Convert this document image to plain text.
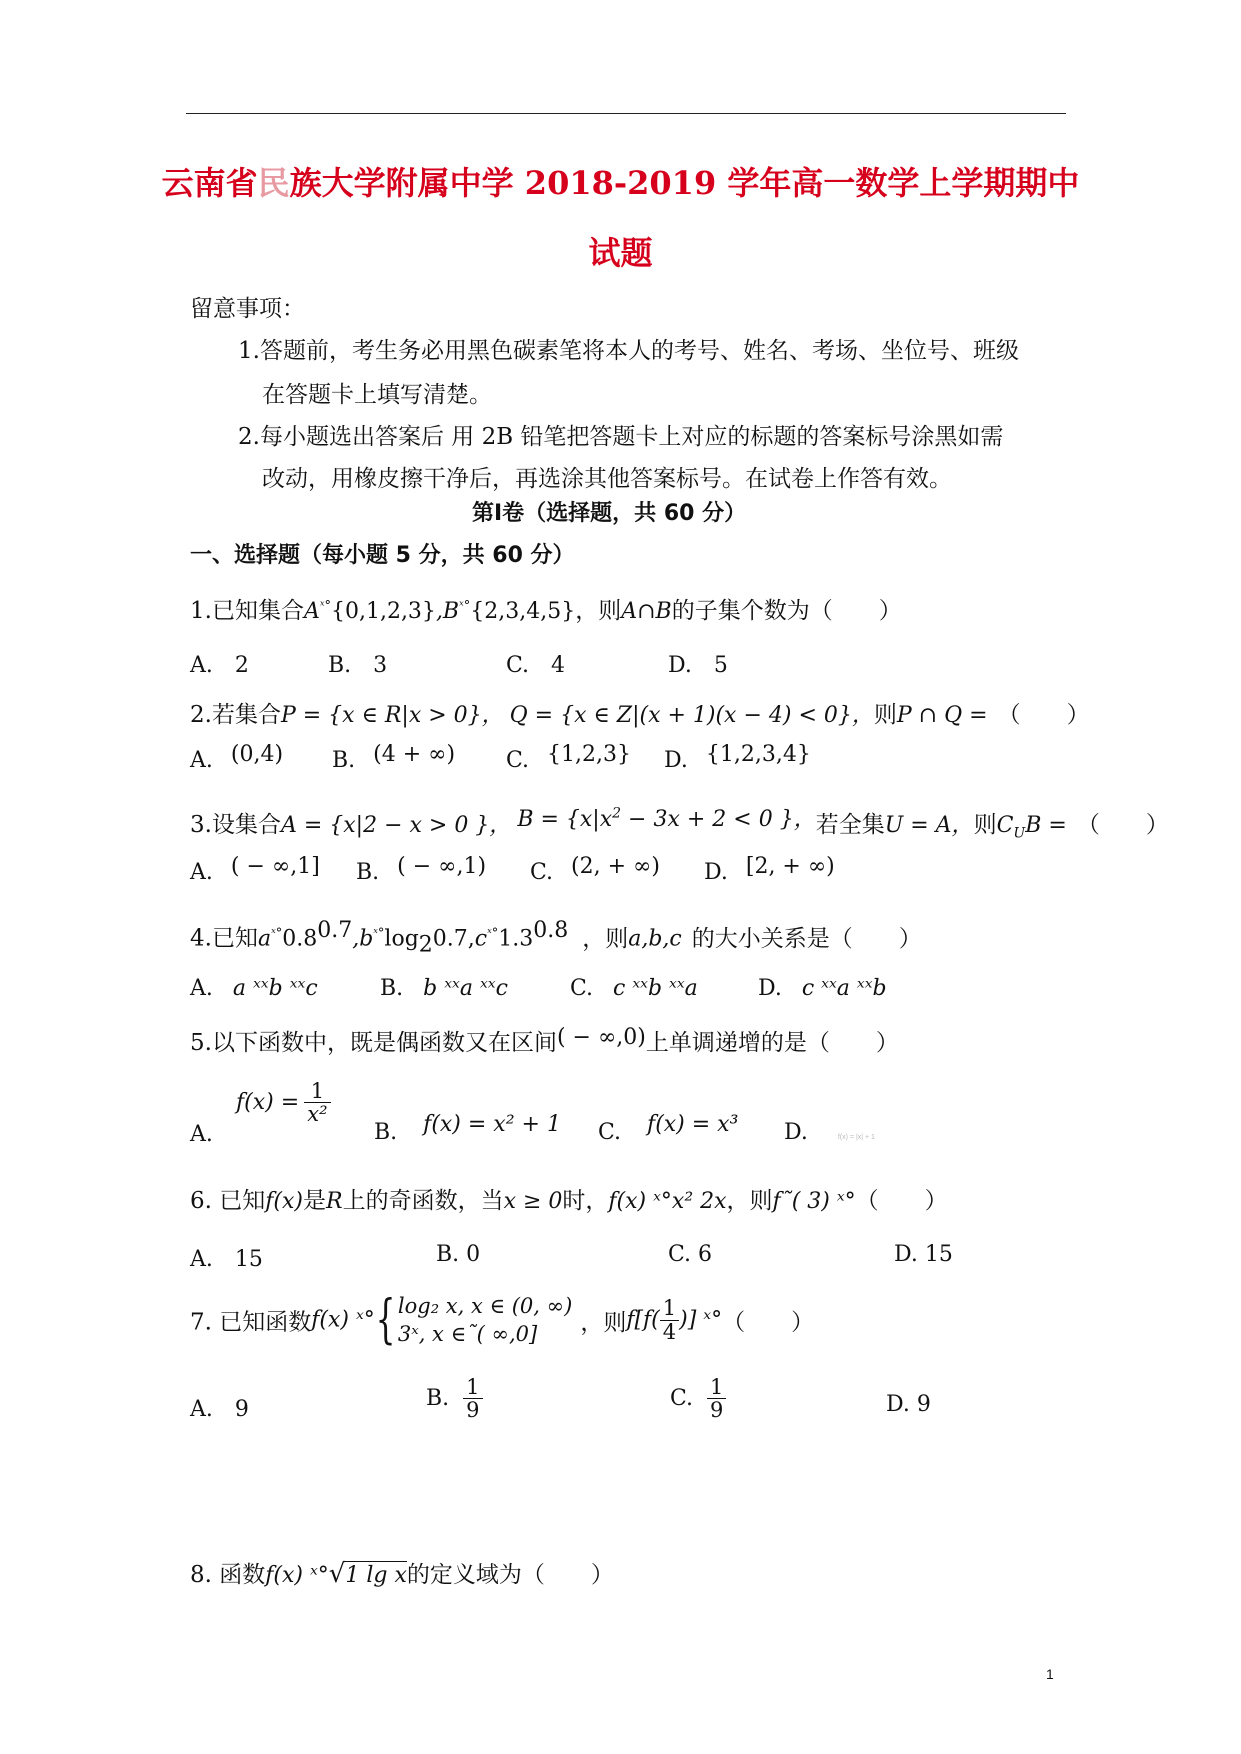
云南省民族大学附属中学 2018-2019 学年高一数学上学期期中
试题
留意事项：
1.答题前，考生务必用黑色碳素笔将本人的考号、姓名、考场、坐位号、班级
在答题卡上填写清楚。
2.每小题选出答案后 用 2B 铅笔把答题卡上对应的标题的答案标号涂黑如需
改动，用橡皮擦干净后，再选涂其他答案标号。在试卷上作答有效。
第Ⅰ卷（选择题，共 60 分）
一、选择题（每小题 5 分，共 60 分）
1.已知集合$A^{ˣ^\circ}\{0,1,2,3\},B^{ˣ^\circ}\{2,3,4,5\}$，则A∩B的子集个数为（　　）
A.　2	B.　3	C.　4	D.　5
2.若集合P = {x ∈ R|x > 0}， Q = {x ∈ Z|(x + 1)(x − 4) < 0}，则P ∩ Q = （　　）
A. (0,4) B. (4 + ∞) C. {1,2,3} D. {1,2,3,4}
3.设集合A = {x|2 − x > 0 }， $B = \{x|x^2 - 3x + 2 < 0$ }，若全集U = A，则$C_UB$ = （　　）
A. ( − ∞,1] B. ( − ∞,1) C. (2, + ∞) D. [2, + ∞)
4.已知$a^{ˣ^\circ}0.8^{0.7},b^{ˣ^\circ}\log_20.7,c^{ˣ^\circ}1.3^{0.8}$ ，则a,b,c 的大小关系是（　　）
A. a ˣˣb ˣˣc	B. b ˣˣa ˣˣc	C. c ˣˣb ˣˣa	D. c ˣˣa ˣˣb
5.以下函数中，既是偶函数又在区间( − ∞,0)上单调递增的是（　　）
A.
$f(x) = \frac{1}{\text{x²}}$
B. f(x) = x² + 1 C. f(x) = x³ D.	f(x) = |x| + 1
6. 已知f(x)是R上的奇函数，当x ≥ 0时，f(x) ˣ°x² 2x，则f˜( 3) ˣ°（　　）
A.　15	B. 0	C. 6	D. 15
7. 已知函数f(x) ˣ°{ log₂ x, x ∈ (0, ∞)
3ˣ, x ∈˜( ∞,0]	，则$f[f( \frac{1}{4}$ )] ˣ°（　　）
A.　9	B. $\frac{1}{9}$	C. $\frac{1}{9}$	D. 9
8. 函数f(x) ˣ°√1 lg x的定义域为（　　）
1
